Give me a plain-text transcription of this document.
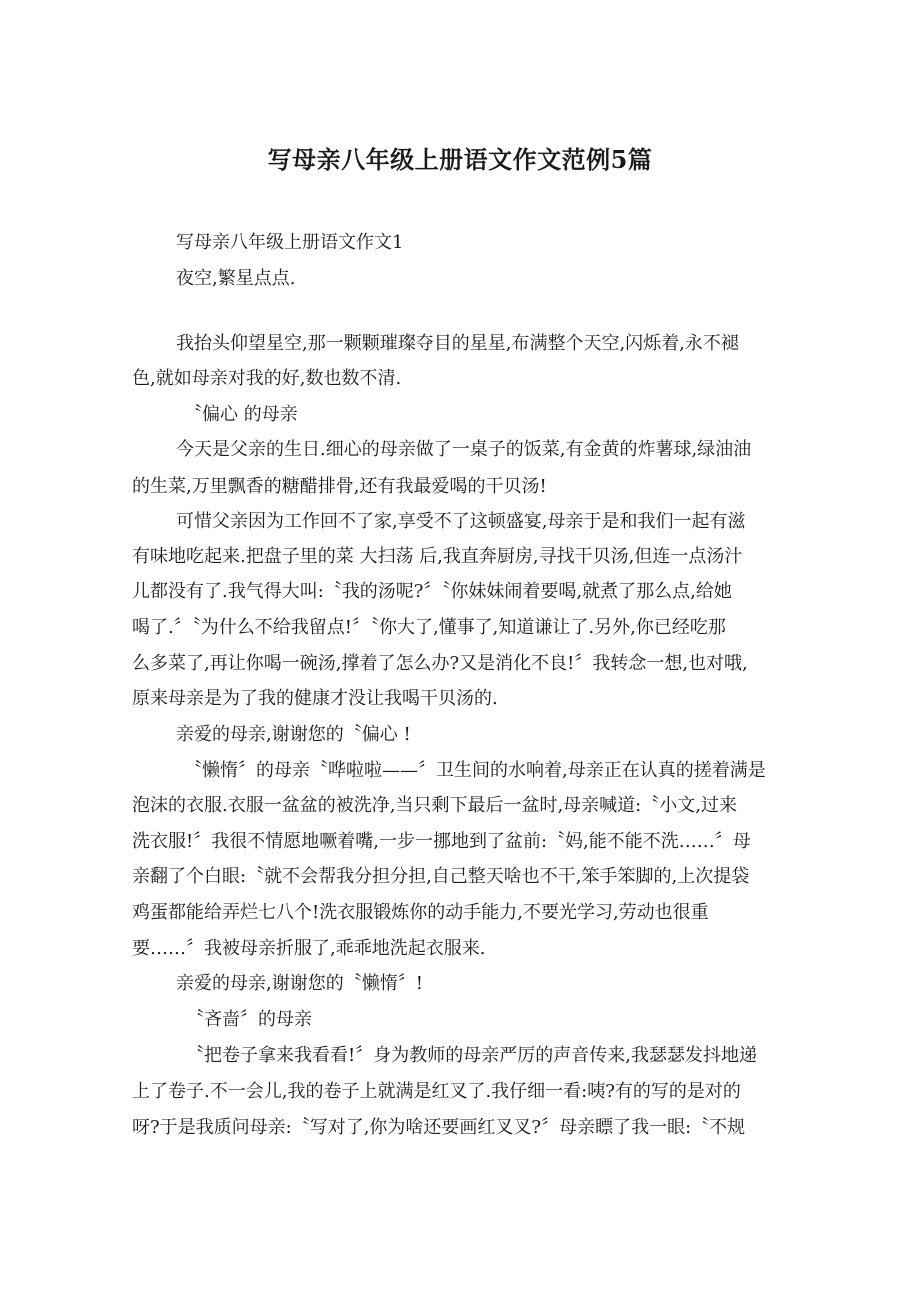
写母亲八年级上册语文作文范例5篇

写母亲八年级上册语文作文1

夜空,繁星点点.

我抬头仰望星空,那一颗颗璀璨夺目的星星,布满整个天空,闪烁着,永不褪

色,就如母亲对我的好,数也数不清.

〝偏心 的母亲

今天是父亲的生日.细心的母亲做了一桌子的饭菜,有金黄的炸薯球,绿油油

的生菜,万里飘香的糖醋排骨,还有我最爱喝的干贝汤!

可惜父亲因为工作回不了家,享受不了这顿盛宴,母亲于是和我们一起有滋

有味地吃起来.把盘子里的菜 大扫荡 后,我直奔厨房,寻找干贝汤,但连一点汤汁

儿都没有了.我气得大叫:〝我的汤呢?〞〝你妹妹闹着要喝,就煮了那么点,给她

喝了.〞〝为什么不给我留点!〞〝你大了,懂事了,知道谦让了.另外,你已经吃那

么多菜了,再让你喝一碗汤,撑着了怎么办?又是消化不良!〞我转念一想,也对哦,

原来母亲是为了我的健康才没让我喝干贝汤的.

亲爱的母亲,谢谢您的〝偏心 !

〝懒惰〞的母亲〝哗啦啦——〞卫生间的水响着,母亲正在认真的搓着满是

泡沫的衣服.衣服一盆盆的被洗净,当只剩下最后一盆时,母亲喊道:〝小文,过来

洗衣服!〞我很不情愿地噘着嘴,一步一挪地到了盆前:〝妈,能不能不洗……〞母

亲翻了个白眼:〝就不会帮我分担分担,自己整天啥也不干,笨手笨脚的,上次提袋

鸡蛋都能给弄烂七八个!洗衣服锻炼你的动手能力,不要光学习,劳动也很重

要……〞我被母亲折服了,乖乖地洗起衣服来.

亲爱的母亲,谢谢您的〝懒惰〞!

〝吝啬〞的母亲

〝把卷子拿来我看看!〞身为教师的母亲严厉的声音传来,我瑟瑟发抖地递

上了卷子.不一会儿,我的卷子上就满是红叉了.我仔细一看:咦?有的写的是对的

呀?于是我质问母亲:〝写对了,你为啥还要画红叉叉?〞母亲瞟了我一眼:〝不规
